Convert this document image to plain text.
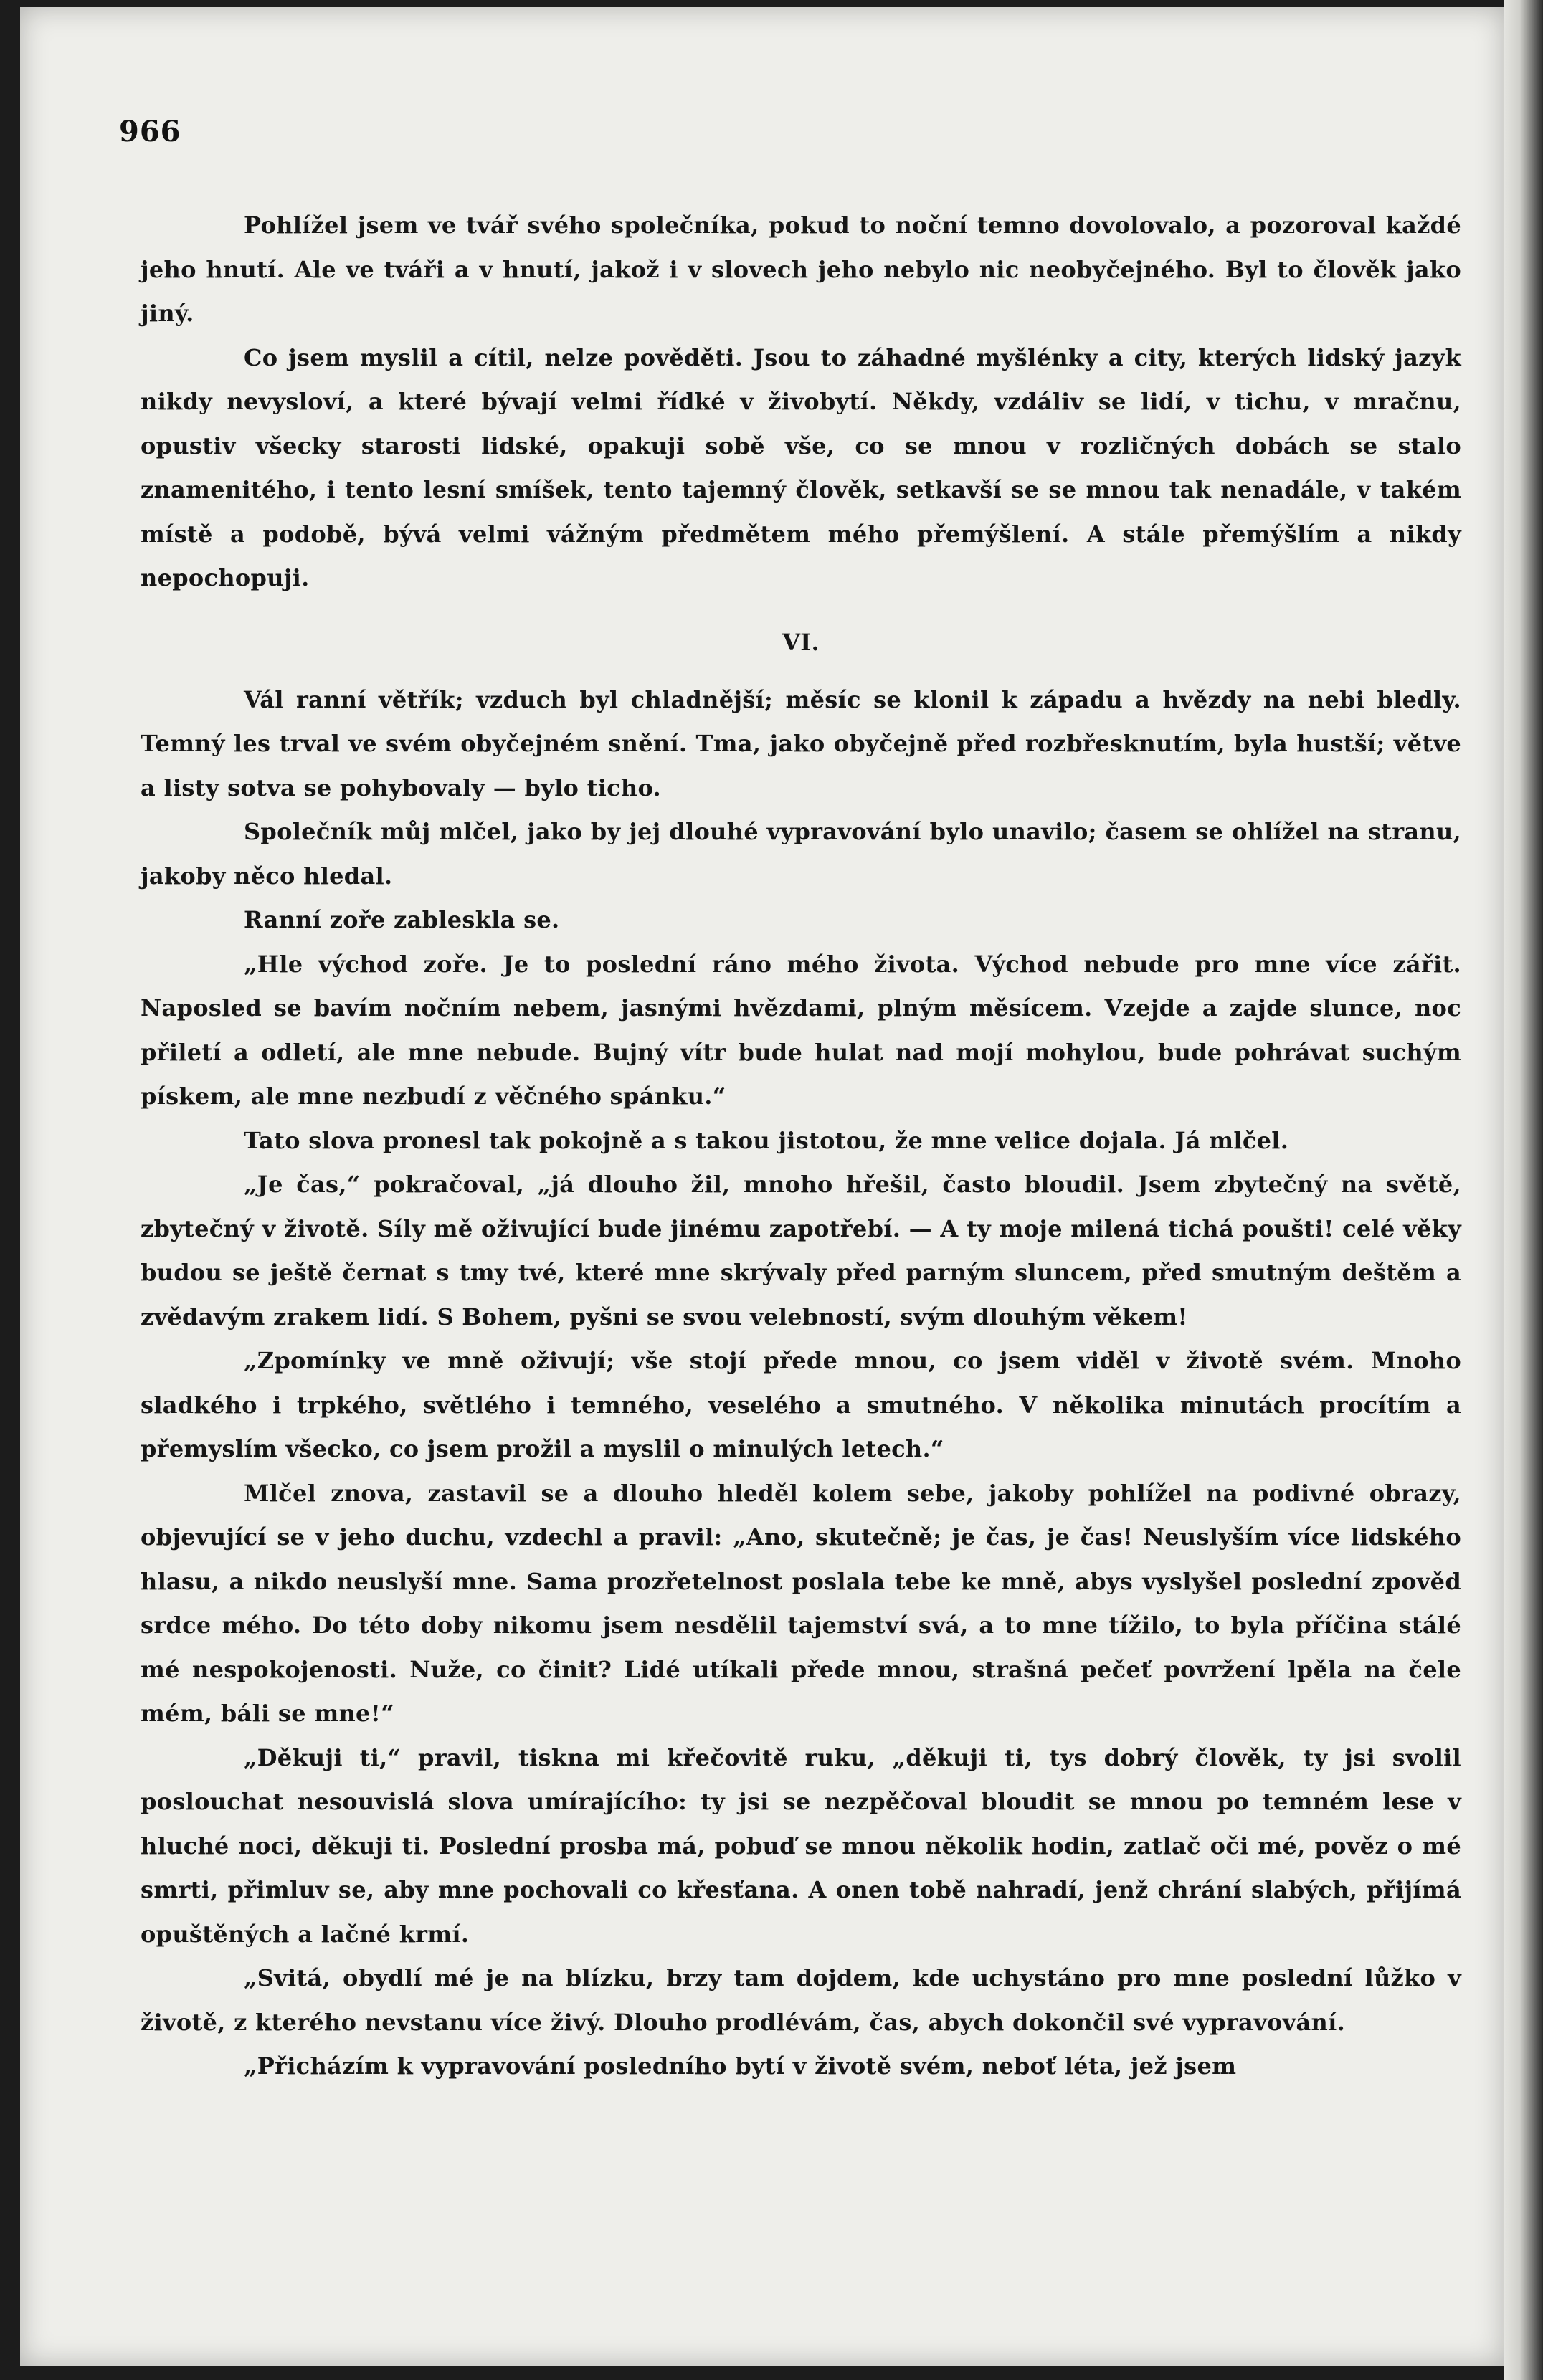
966

Pohlížel jsem ve tvář svého společníka, pokud to noční temno dovolovalo, a pozoroval každé jeho hnutí. Ale ve tváři a v hnutí, jakož i v slovech jeho nebylo nic neobyčejného. Byl to člověk jako jiný.

Co jsem myslil a cítil, nelze pověděti. Jsou to záhadné myšlénky a city, kterých lidský jazyk nikdy nevysloví, a které bývají velmi řídké v živobytí. Někdy, vzdáliv se lidí, v tichu, v mračnu, opustiv všecky starosti lidské, opakuji sobě vše, co se mnou v rozličných dobách se stalo znamenitého, i tento lesní smíšek, tento tajemný člověk, setkavší se se mnou tak nenadále, v takém místě a podobě, bývá velmi vážným předmětem mého přemýšlení. A stále přemýšlím a nikdy nepochopuji.

VI.

Vál ranní větřík; vzduch byl chladnější; měsíc se klonil k západu a hvězdy na nebi bledly. Temný les trval ve svém obyčejném snění. Tma, jako obyčejně před rozbřesknutím, byla hustší; větve a listy sotva se pohybovaly — bylo ticho.

Společník můj mlčel, jako by jej dlouhé vypravování bylo unavilo; časem se ohlížel na stranu, jakoby něco hledal.

Ranní zoře zableskla se.

„Hle východ zoře. Je to poslední ráno mého života. Východ nebude pro mne více zářit. Naposled se bavím nočním nebem, jasnými hvězdami, plným měsícem. Vzejde a zajde slunce, noc přiletí a odletí, ale mne nebude. Bujný vítr bude hulat nad mojí mohylou, bude pohrávat suchým pískem, ale mne nezbudí z věčného spánku.“

Tato slova pronesl tak pokojně a s takou jistotou, že mne velice dojala. Já mlčel.

„Je čas,“ pokračoval, „já dlouho žil, mnoho hřešil, často bloudil. Jsem zbytečný na světě, zbytečný v životě. Síly mě oživující bude jinému zapotřebí. — A ty moje milená tichá poušti! celé věky budou se ještě černat s tmy tvé, které mne skrývaly před parným sluncem, před smutným deštěm a zvědavým zrakem lidí. S Bohem, pyšni se svou velebností, svým dlouhým věkem!

„Zpomínky ve mně oživují; vše stojí přede mnou, co jsem viděl v životě svém. Mnoho sladkého i trpkého, světlého i temného, veselého a smutného. V několika minutách procítím a přemyslím všecko, co jsem prožil a myslil o minulých letech.“

Mlčel znova, zastavil se a dlouho hleděl kolem sebe, jakoby pohlížel na podivné obrazy, objevující se v jeho duchu, vzdechl a pravil: „Ano, skutečně; je čas, je čas! Neuslyším více lidského hlasu, a nikdo neuslyší mne. Sama prozřetelnost poslala tebe ke mně, abys vyslyšel poslední zpověd srdce mého. Do této doby nikomu jsem nesdělil tajemství svá, a to mne tížilo, to byla příčina stálé mé nespokojenosti. Nuže, co činit? Lidé utíkali přede mnou, strašná pečeť povržení lpěla na čele mém, báli se mne!“

„Děkuji ti,“ pravil, tiskna mi křečovitě ruku, „děkuji ti, tys dobrý člověk, ty jsi svolil poslouchat nesouvislá slova umírajícího: ty jsi se nezpěčoval bloudit se mnou po temném lese v hluché noci, děkuji ti. Poslední prosba má, pobuď se mnou několik hodin, zatlač oči mé, pověz o mé smrti, přimluv se, aby mne pochovali co křesťana. A onen tobě nahradí, jenž chrání slabých, přijímá opuštěných a lačné krmí.

„Svitá, obydlí mé je na blízku, brzy tam dojdem, kde uchystáno pro mne poslední lůžko v životě, z kterého nevstanu více živý. Dlouho prodlévám, čas, abych dokončil své vypravování.

„Přicházím k vypravování posledního bytí v životě svém, neboť léta, jež jsem
